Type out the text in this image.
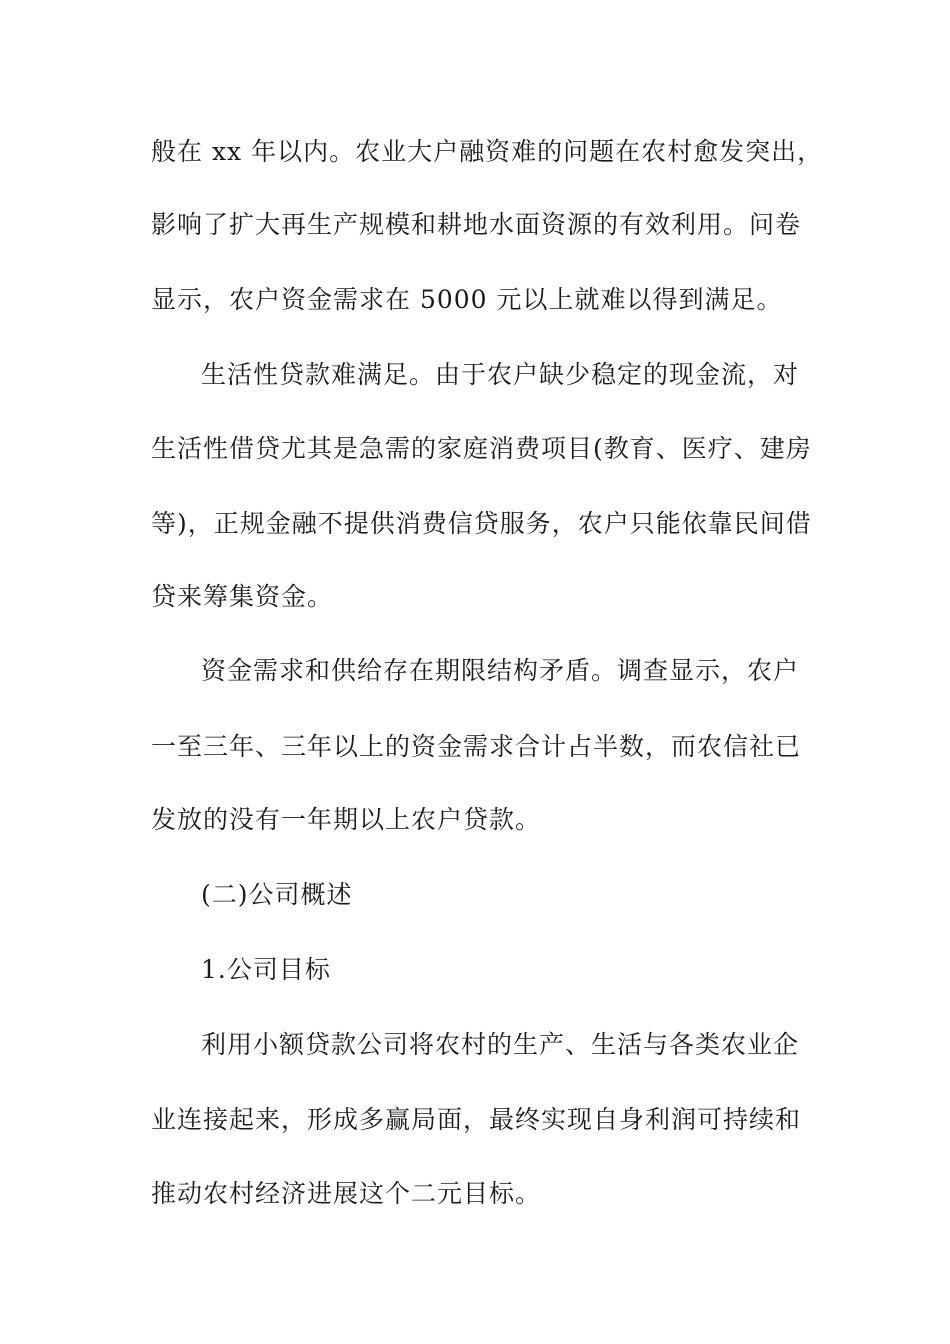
般在 xx 年以内。农业大户融资难的问题在农村愈发突出，
影响了扩大再生产规模和耕地水面资源的有效利用。问卷
显示，农户资金需求在 5000 元以上就难以得到满足。
生活性贷款难满足。由于农户缺少稳定的现金流，对
生活性借贷尤其是急需的家庭消费项目(教育、医疗、建房
等)，正规金融不提供消费信贷服务，农户只能依靠民间借
贷来筹集资金。
资金需求和供给存在期限结构矛盾。调查显示，农户
一至三年、三年以上的资金需求合计占半数，而农信社已
发放的没有一年期以上农户贷款。
(二)公司概述
1.公司目标
利用小额贷款公司将农村的生产、生活与各类农业企
业连接起来，形成多赢局面，最终实现自身利润可持续和
推动农村经济进展这个二元目标。
